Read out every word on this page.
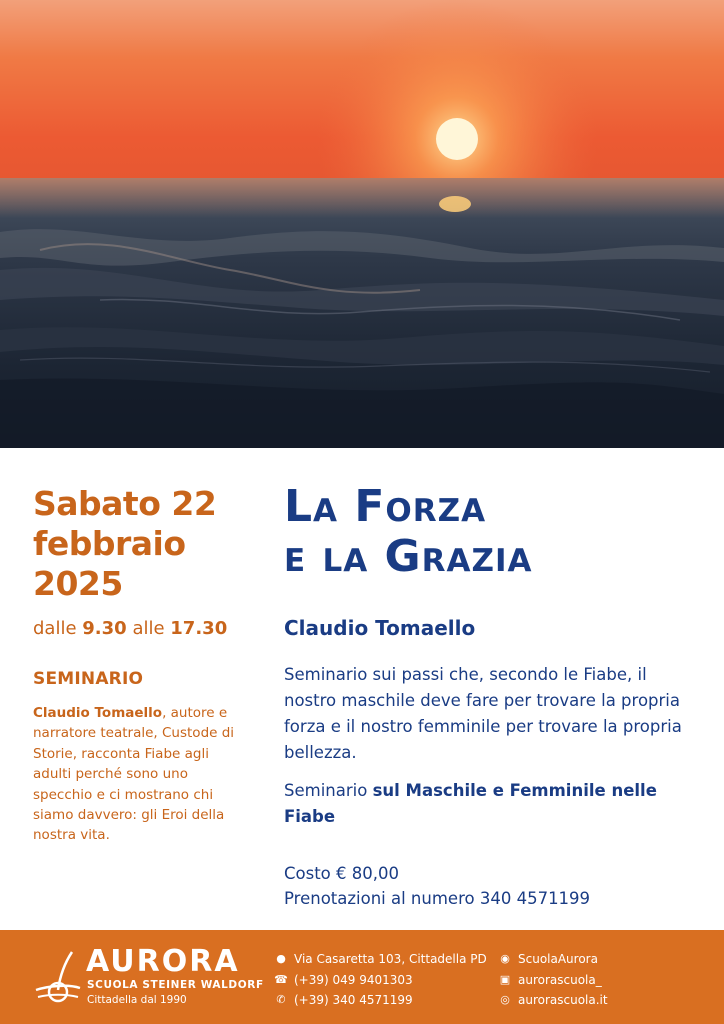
Sabato 22
febbraio
2025
dalle 9.30 alle 17.30
SEMINARIO
Claudio Tomaello, autore e narratore teatrale, Custode di Storie, racconta Fiabe agli adulti perché sono uno specchio e ci mostrano chi siamo davvero: gli Eroi della nostra vita.
La Forza
e la Grazia
Claudio Tomaello
Seminario sui passi che, secondo le Fiabe, il nostro maschile deve fare per trovare la propria forza e il nostro femminile per trovare la propria bellezza.
Seminario sul Maschile e Femminile nelle Fiabe
Costo € 80,00
Prenotazioni al numero 340 4571199
AURORA
SCUOLA STEINER WALDORF
Cittadella dal 1990
● Via Casaretta 103, Cittadella PD
☎ (+39) 049 9401303
✆ (+39) 340 4571199
◉ ScuolaAurora
▣ aurorascuola_
◎ aurorascuola.it
